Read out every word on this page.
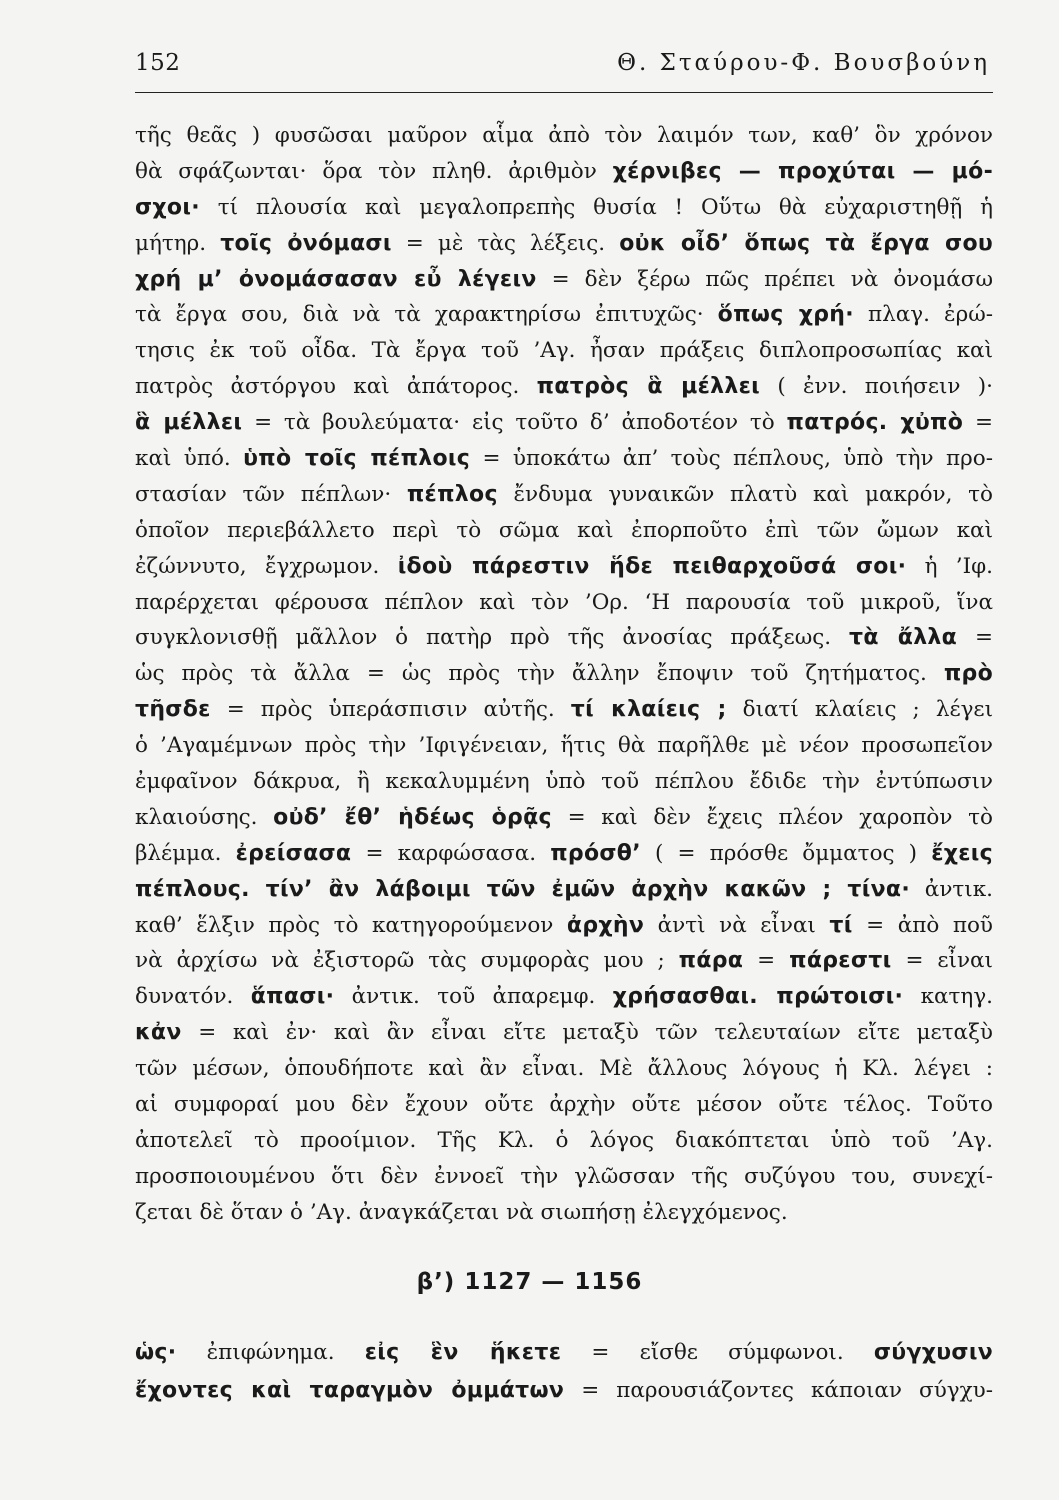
152	Θ. Σταύρου-Φ. Βουσβούνη
τῆς θεᾶς ) φυσῶσαι μαῦρον αἷμα ἀπὸ τὸν λαιμόν των, καθ’ ὃν χρόνον
θὰ σφάζωνται· ὅρα τὸν πληθ. ἀριθμὸν χέρνιβες — προχύται — μό-
σχοι· τί πλουσία καὶ μεγαλοπρεπὴς θυσία ! Οὕτω θὰ εὐχαριστηθῇ ἡ
μήτηρ. τοῖς ὀνόμασι = μὲ τὰς λέξεις. οὐκ οἶδ’ ὅπως τὰ ἔργα σου
χρή μ’ ὀνομάσασαν εὖ λέγειν = δὲν ξέρω πῶς πρέπει νὰ ὀνομάσω
τὰ ἔργα σου, διὰ νὰ τὰ χαρακτηρίσω ἐπιτυχῶς· ὅπως χρή· πλαγ. ἐρώ-
τησις ἐκ τοῦ οἶδα. Τὰ ἔργα τοῦ ’Αγ. ἦσαν πράξεις διπλοπροσωπίας καὶ
πατρὸς ἀστόργου καὶ ἀπάτορος. πατρὸς ἃ μέλλει ( ἐνν. ποιήσειν )·
ἃ μέλλει = τὰ βουλεύματα· εἰς τοῦτο δ’ ἀποδοτέον τὸ πατρός. χὐπὸ =
καὶ ὑπό. ὑπὸ τοῖς πέπλοις = ὑποκάτω ἀπ’ τοὺς πέπλους, ὑπὸ τὴν προ-
στασίαν τῶν πέπλων· πέπλος ἔνδυμα γυναικῶν πλατὺ καὶ μακρόν, τὸ
ὁποῖον περιεβάλλετο περὶ τὸ σῶμα καὶ ἐπορποῦτο ἐπὶ τῶν ὤμων καὶ
ἐζώννυτο, ἔγχρωμον. ἰδοὺ πάρεστιν ἥδε πειθαρχοῦσά σοι· ἡ ’Ιφ.
παρέρχεται φέρουσα πέπλον καὶ τὸν ’Ορ. ‘Η παρουσία τοῦ μικροῦ, ἵνα
συγκλονισθῇ μᾶλλον ὁ πατὴρ πρὸ τῆς ἀνοσίας πράξεως. τὰ ἄλλα =
ὡς πρὸς τὰ ἄλλα = ὡς πρὸς τὴν ἄλλην ἔποψιν τοῦ ζητήματος. πρὸ
τῆσδε = πρὸς ὑπεράσπισιν αὐτῆς. τί κλαίεις ; διατί κλαίεις ; λέγει
ὁ ’Αγαμέμνων πρὸς τὴν ’Ιφιγένειαν, ἥτις θὰ παρῆλθε μὲ νέον προσωπεῖον
ἐμφαῖνον δάκρυα, ἢ κεκαλυμμένη ὑπὸ τοῦ πέπλου ἔδιδε τὴν ἐντύπωσιν
κλαιούσης. οὐδ’ ἔθ’ ἡδέως ὁρᾷς = καὶ δὲν ἔχεις πλέον χαροπὸν τὸ
βλέμμα. ἐρείσασα = καρφώσασα. πρόσθ’ ( = πρόσθε ὄμματος ) ἔχεις
πέπλους. τίν’ ἂν λάβοιμι τῶν ἐμῶν ἀρχὴν κακῶν ; τίνα· ἀντικ.
καθ’ ἕλξιν πρὸς τὸ κατηγορούμενον ἀρχὴν ἀντὶ νὰ εἶναι τί = ἀπὸ ποῦ
νὰ ἀρχίσω νὰ ἐξιστορῶ τὰς συμφορὰς μου ; πάρα = πάρεστι = εἶναι
δυνατόν. ἅπασι· ἀντικ. τοῦ ἀπαρεμφ. χρήσασθαι. πρώτοισι· κατηγ.
κἀν = καὶ ἐν· καὶ ἂν εἶναι εἴτε μεταξὺ τῶν τελευταίων εἴτε μεταξὺ
τῶν μέσων, ὁπουδήποτε καὶ ἂν εἶναι. Μὲ ἄλλους λόγους ἡ Κλ. λέγει :
αἱ συμφοραί μου δὲν ἔχουν οὔτε ἀρχὴν οὔτε μέσον οὔτε τέλος. Τοῦτο
ἀποτελεῖ τὸ προοίμιον. Τῆς Κλ. ὁ λόγος διακόπτεται ὑπὸ τοῦ ’Αγ.
προσποιουμένου ὅτι δὲν ἐννοεῖ τὴν γλῶσσαν τῆς συζύγου του, συνεχί-
ζεται δὲ ὅταν ὁ ’Αγ. ἀναγκάζεται νὰ σιωπήσῃ ἐλεγχόμενος.
β’) 1127 — 1156
ὡς· ἐπιφώνημα. εἰς ἓν ἥκετε = εἴσθε σύμφωνοι. σύγχυσιν
ἔχοντες καὶ ταραγμὸν ὀμμάτων = παρουσιάζοντες κάποιαν σύγχυ-
